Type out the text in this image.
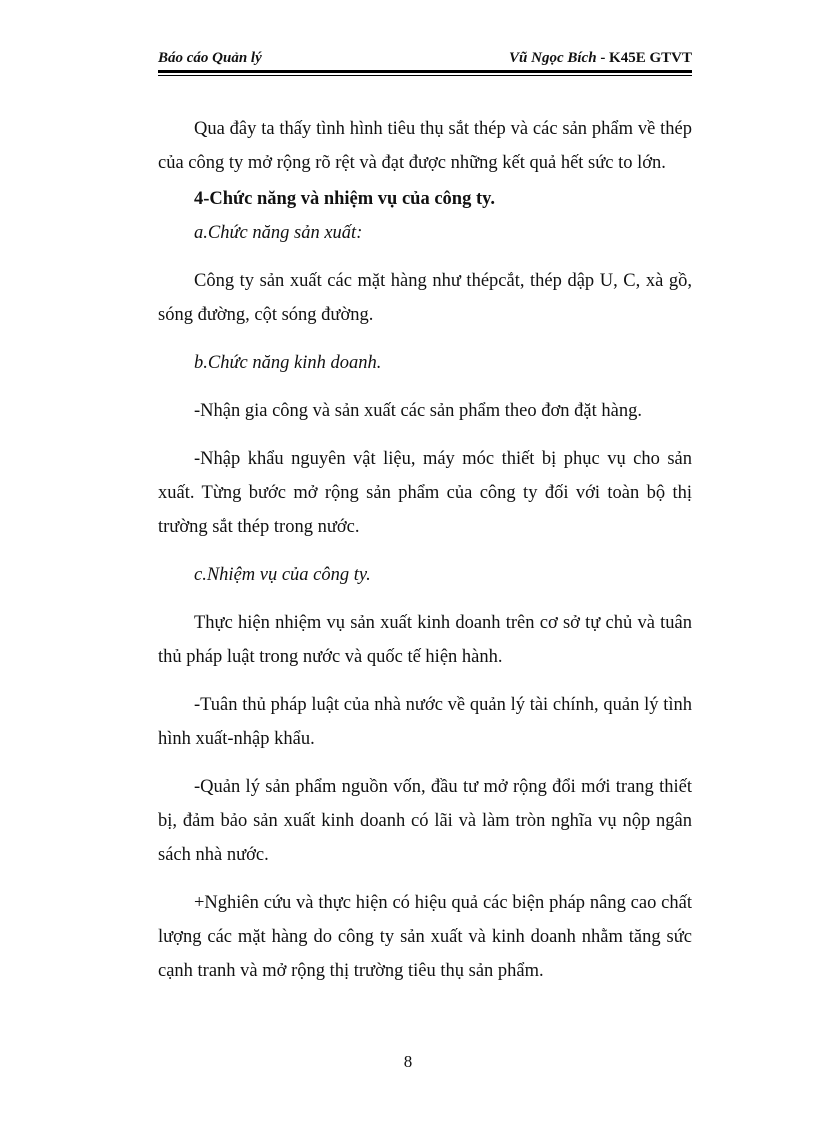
Báo cáo Quản lý	Vũ Ngọc Bích - K45E GTVT

Qua đây ta thấy tình hình tiêu thụ sắt thép và các sản phẩm về thép của công ty mở rộng rõ rệt và đạt được những kết quả hết sức to lớn.

4-Chức năng và nhiệm vụ của công ty.

a.Chức năng sản xuất:

Công ty sản xuất các mặt hàng như thépcắt, thép dập U, C, xà gồ, sóng đường, cột sóng đường.

b.Chức năng kinh doanh.

-Nhận gia công và sản xuất các sản phẩm theo đơn đặt hàng.

-Nhập khẩu nguyên vật liệu, máy móc thiết bị phục vụ cho sản xuất. Từng bước mở rộng sản phẩm của công ty đối với toàn bộ thị trường sắt thép trong nước.

c.Nhiệm vụ của công ty.

Thực hiện nhiệm vụ sản xuất kinh doanh trên cơ sở tự chủ và tuân thủ pháp luật trong nước và quốc tế hiện hành.

-Tuân thủ pháp luật của nhà nước về quản lý tài chính, quản lý tình hình xuất-nhập khẩu.

-Quản lý sản phẩm nguồn vốn, đầu tư mở rộng đổi mới trang thiết bị, đảm bảo sản xuất kinh doanh có lãi và làm tròn nghĩa vụ nộp ngân sách nhà nước.

+Nghiên cứu và thực hiện có hiệu quả các biện pháp nâng cao chất lượng các mặt hàng do công ty sản xuất và kinh doanh nhằm tăng sức cạnh tranh và mở rộng thị trường tiêu thụ sản phẩm.

8
